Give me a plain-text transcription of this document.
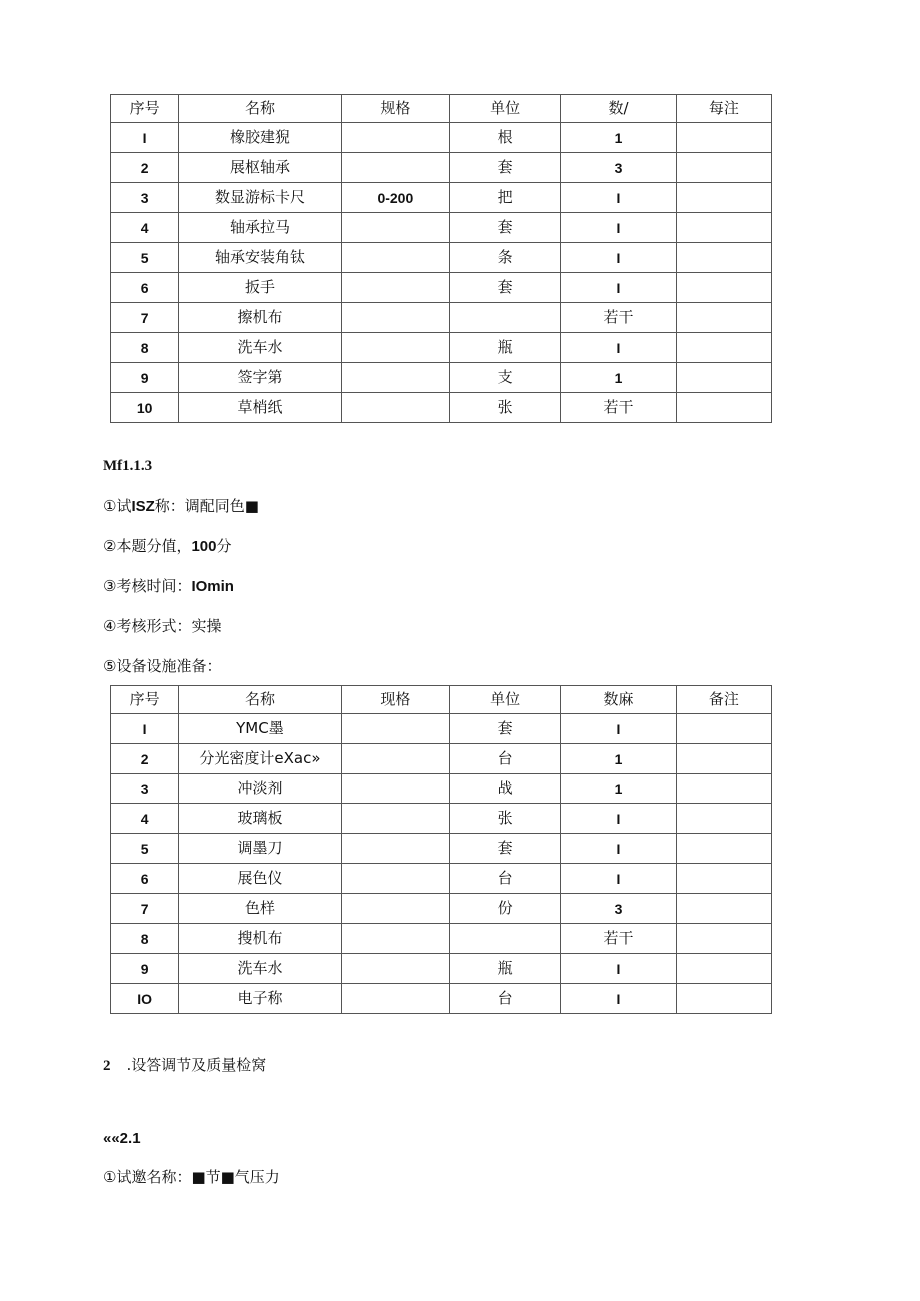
序号	名称	规格	单位	数/	每注
I	橡胶建猊		根	1	
2	展枢轴承		套	3	
3	数显游标卡尺	0-200	把	I	
4	轴承拉马		套	I	
5	轴承安装角钛		条	I	
6	扳手		套	I	
7	擦机布			若干	
8	洗车水		瓶	I	
9	签字第		支	1	
10	草梢纸		张	若干	
Mf1.1.3
①试ISZ称：调配同色■
②本题分值，100分
③考核时间：IOmin
④考核形式：实操
⑤设备设施准备：
序号	名称	现格	单位	数麻	备注
I	YMC墨		套	I	
2	分光密度计eXac»		台	1	
3	冲淡剂		战	1	
4	玻璃板		张	I	
5	调墨刀		套	I	
6	展色仪		台	I	
7	色样		份	3	
8	搜机布			若干	
9	洗车水		瓶	I	
IO	电子称		台	I	
2 .设答调节及质量检窝
««2.1
①试邀名称：■节■气压力
